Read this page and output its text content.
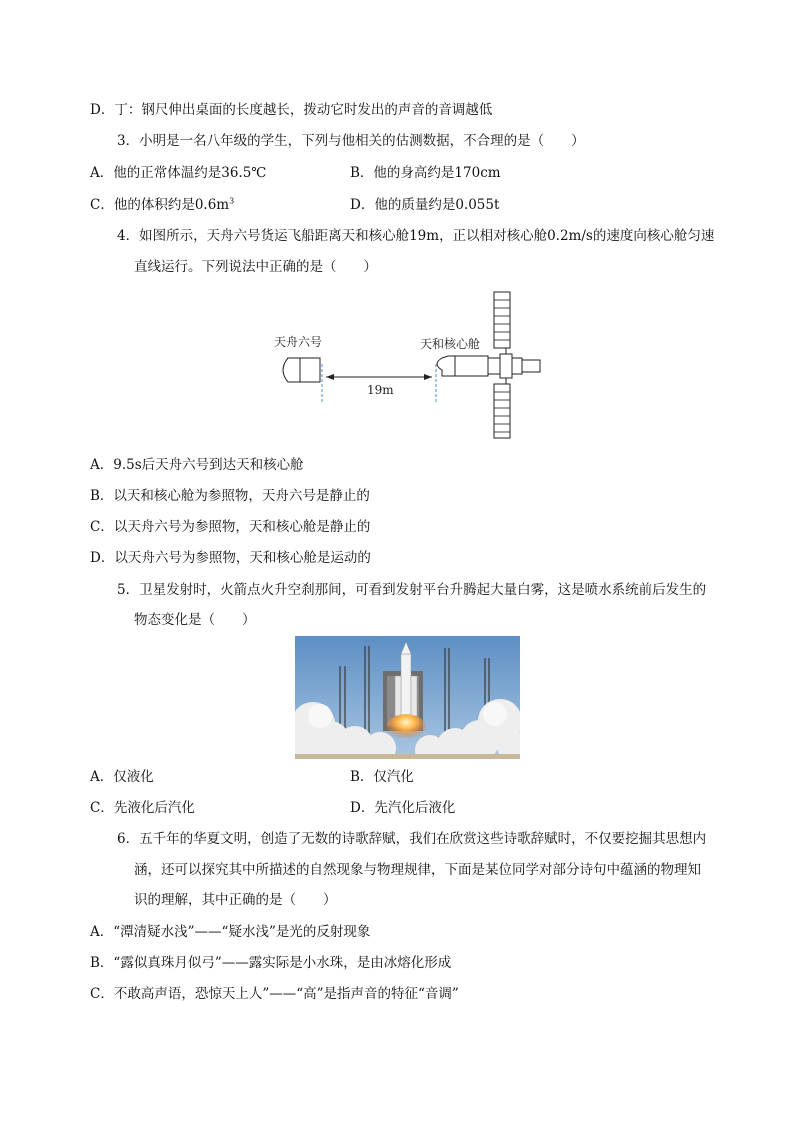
D．丁：钢尺伸出桌面的长度越长，拨动它时发出的声音的音调越低
3．小明是一名八年级的学生，下列与他相关的估测数据，不合理的是（　　）
A．他的正常体温约是36.5℃	B．他的身高约是170cm
C．他的体积约是$0.6m^3$	D．他的质量约是0.055t
4．如图所示，天舟六号货运飞船距离天和核心舱19m，正以相对核心舱0.2m/s的速度向核心舱匀速
直线运行。下列说法中正确的是（　　）
天舟六号
19m
天和核心舱
A．9.5s后天舟六号到达天和核心舱
B．以天和核心舱为参照物，天舟六号是静止的
C．以天舟六号为参照物，天和核心舱是静止的
D．以天舟六号为参照物，天和核心舱是运动的
5．卫星发射时，火箭点火升空刹那间，可看到发射平台升腾起大量白雾，这是喷水系统前后发生的
物态变化是（　　）
A．仅液化	B．仅汽化
C．先液化后汽化	D．先汽化后液化
6．五千年的华夏文明，创造了无数的诗歌辞赋，我们在欣赏这些诗歌辞赋时，不仅要挖掘其思想内
涵，还可以探究其中所描述的自然现象与物理规律，下面是某位同学对部分诗句中蕴涵的物理知
识的理解，其中正确的是（　　）
A．“潭清疑水浅”——“疑水浅”是光的反射现象
B．“露似真珠月似弓”——露实际是小水珠，是由冰熔化形成
C．不敢高声语，恐惊天上人”——“高”是指声音的特征“音调”
